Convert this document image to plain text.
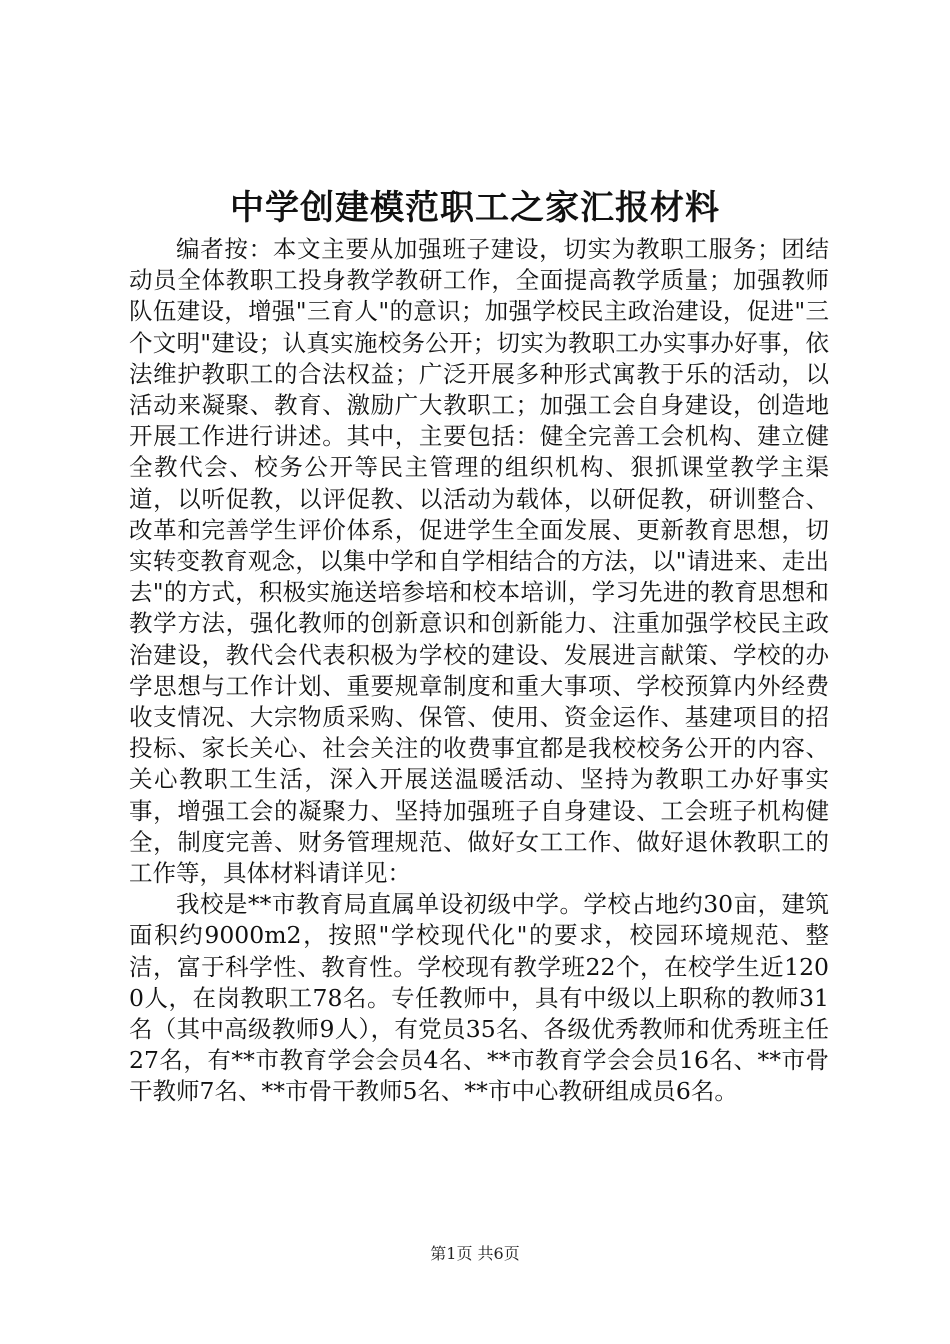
中学创建模范职工之家汇报材料

编者按：本文主要从加强班子建设，切实为教职工服务；团结动员全体教职工投身教学教研工作，全面提高教学质量；加强教师队伍建设，增强"三育人"的意识；加强学校民主政治建设，促进"三个文明"建设；认真实施校务公开；切实为教职工办实事办好事，依法维护教职工的合法权益；广泛开展多种形式寓教于乐的活动，以活动来凝聚、教育、激励广大教职工；加强工会自身建设，创造地开展工作进行讲述。其中，主要包括：健全完善工会机构、建立健全教代会、校务公开等民主管理的组织机构、狠抓课堂教学主渠道，以听促教，以评促教、以活动为载体，以研促教，研训整合、改革和完善学生评价体系，促进学生全面发展、更新教育思想，切实转变教育观念，以集中学和自学相结合的方法，以"请进来、走出去"的方式，积极实施送培参培和校本培训，学习先进的教育思想和教学方法，强化教师的创新意识和创新能力、注重加强学校民主政治建设，教代会代表积极为学校的建设、发展进言献策、学校的办学思想与工作计划、重要规章制度和重大事项、学校预算内外经费收支情况、大宗物质采购、保管、使用、资金运作、基建项目的招投标、家长关心、社会关注的收费事宜都是我校校务公开的内容、关心教职工生活，深入开展送温暖活动、坚持为教职工办好事实事，增强工会的凝聚力、坚持加强班子自身建设、工会班子机构健全，制度完善、财务管理规范、做好女工工作、做好退休教职工的工作等，具体材料请详见：

我校是**市教育局直属单设初级中学。学校占地约30亩，建筑面积约9000m2，按照"学校现代化"的要求，校园环境规范、整洁，富于科学性、教育性。学校现有教学班22个，在校学生近1200人，在岗教职工78名。专任教师中，具有中级以上职称的教师31名（其中高级教师9人），有党员35名、各级优秀教师和优秀班主任27名，有**市教育学会会员4名、**市教育学会会员16名、**市骨干教师7名、**市骨干教师5名、**市中心教研组成员6名。

第1页 共6页
